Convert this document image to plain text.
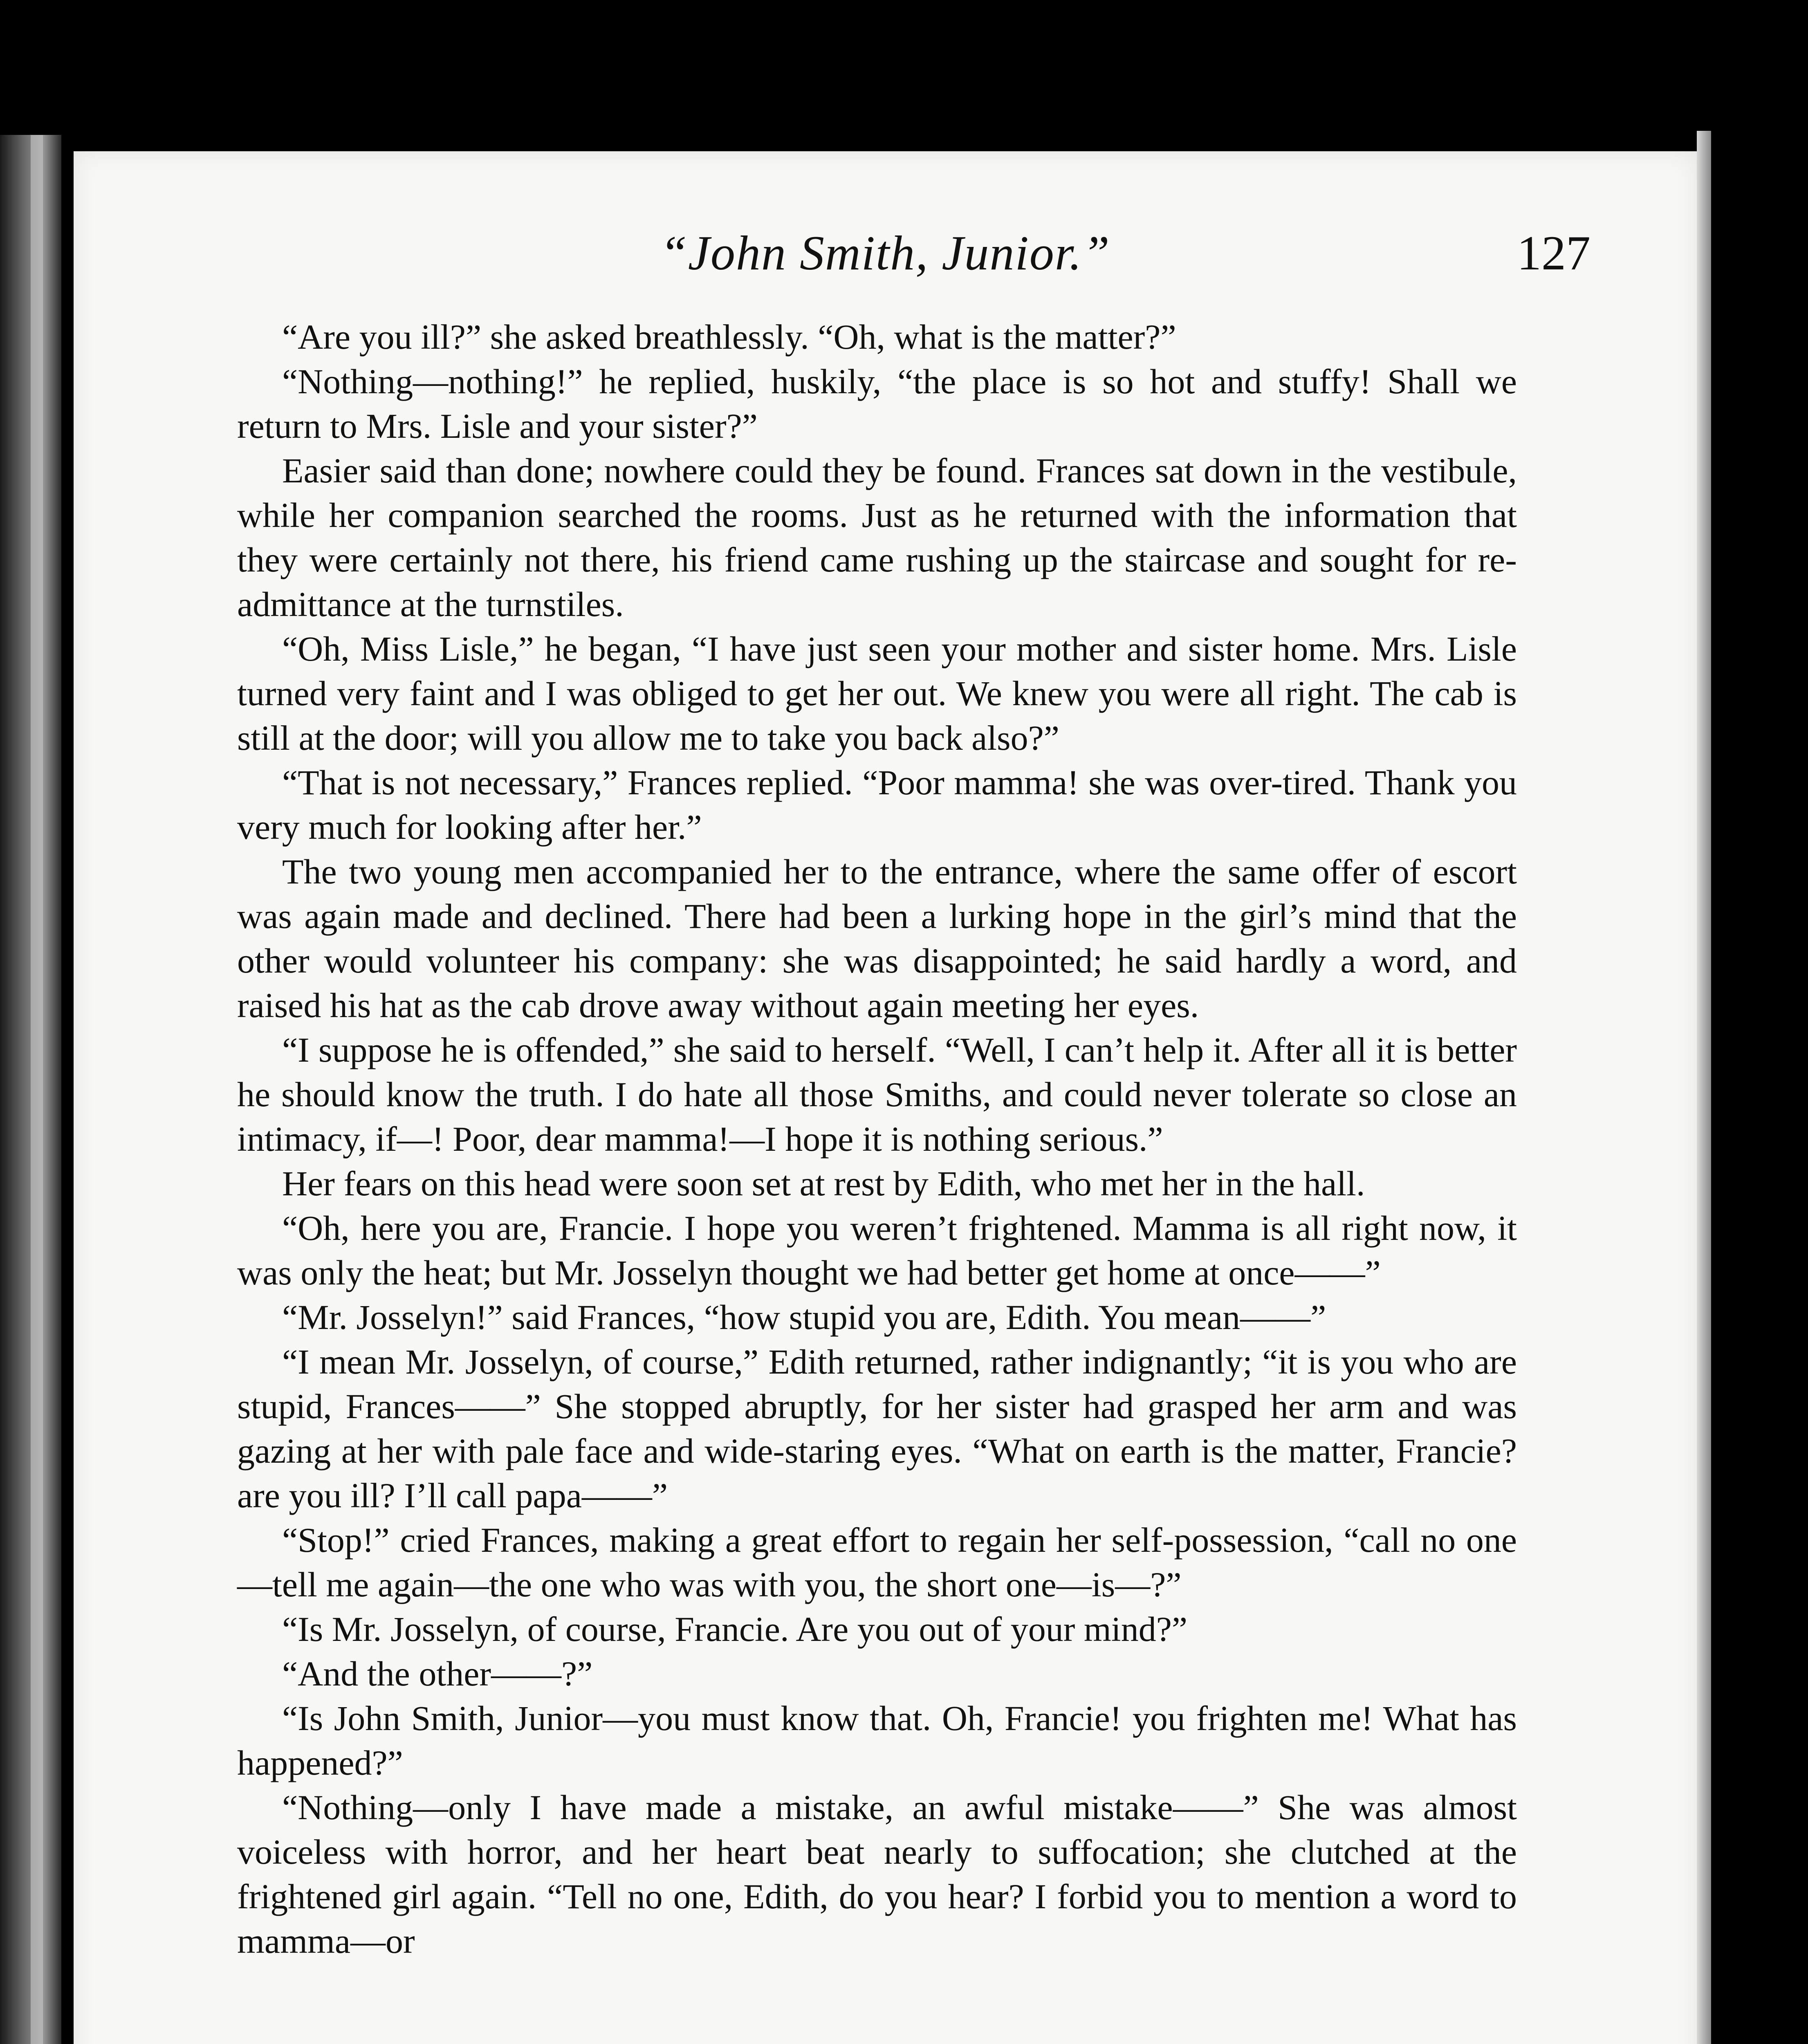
“John Smith, Junior.”	127

“Are you ill?” she asked breathlessly. “Oh, what is the matter?”

“Nothing—nothing!” he replied, huskily, “the place is so hot and stuffy! Shall we return to Mrs. Lisle and your sister?”

Easier said than done; nowhere could they be found. Frances sat down in the vestibule, while her companion searched the rooms. Just as he returned with the information that they were certainly not there, his friend came rushing up the staircase and sought for re-admittance at the turnstiles.

“Oh, Miss Lisle,” he began, “I have just seen your mother and sister home. Mrs. Lisle turned very faint and I was obliged to get her out. We knew you were all right. The cab is still at the door; will you allow me to take you back also?”

“That is not necessary,” Frances replied. “Poor mamma! she was over-tired. Thank you very much for looking after her.”

The two young men accompanied her to the entrance, where the same offer of escort was again made and declined. There had been a lurking hope in the girl’s mind that the other would volunteer his company: she was disappointed; he said hardly a word, and raised his hat as the cab drove away without again meeting her eyes.

“I suppose he is offended,” she said to herself. “Well, I can’t help it. After all it is better he should know the truth. I do hate all those Smiths, and could never tolerate so close an intimacy, if—! Poor, dear mamma!—I hope it is nothing serious.”

Her fears on this head were soon set at rest by Edith, who met her in the hall.

“Oh, here you are, Francie. I hope you weren’t frightened. Mamma is all right now, it was only the heat; but Mr. Josselyn thought we had better get home at once——”

“Mr. Josselyn!” said Frances, “how stupid you are, Edith. You mean——”

“I mean Mr. Josselyn, of course,” Edith returned, rather indignantly; “it is you who are stupid, Frances——” She stopped abruptly, for her sister had grasped her arm and was gazing at her with pale face and wide-staring eyes. “What on earth is the matter, Francie? are you ill? I’ll call papa——”

“Stop!” cried Frances, making a great effort to regain her self-possession, “call no one—tell me again—the one who was with you, the short one—is—?”

“Is Mr. Josselyn, of course, Francie. Are you out of your mind?”

“And the other——?”

“Is John Smith, Junior—you must know that. Oh, Francie! you frighten me! What has happened?”

“Nothing—only I have made a mistake, an awful mistake——” She was almost voiceless with horror, and her heart beat nearly to suffocation; she clutched at the frightened girl again. “Tell no one, Edith, do you hear? I forbid you to mention a word to mamma—or
